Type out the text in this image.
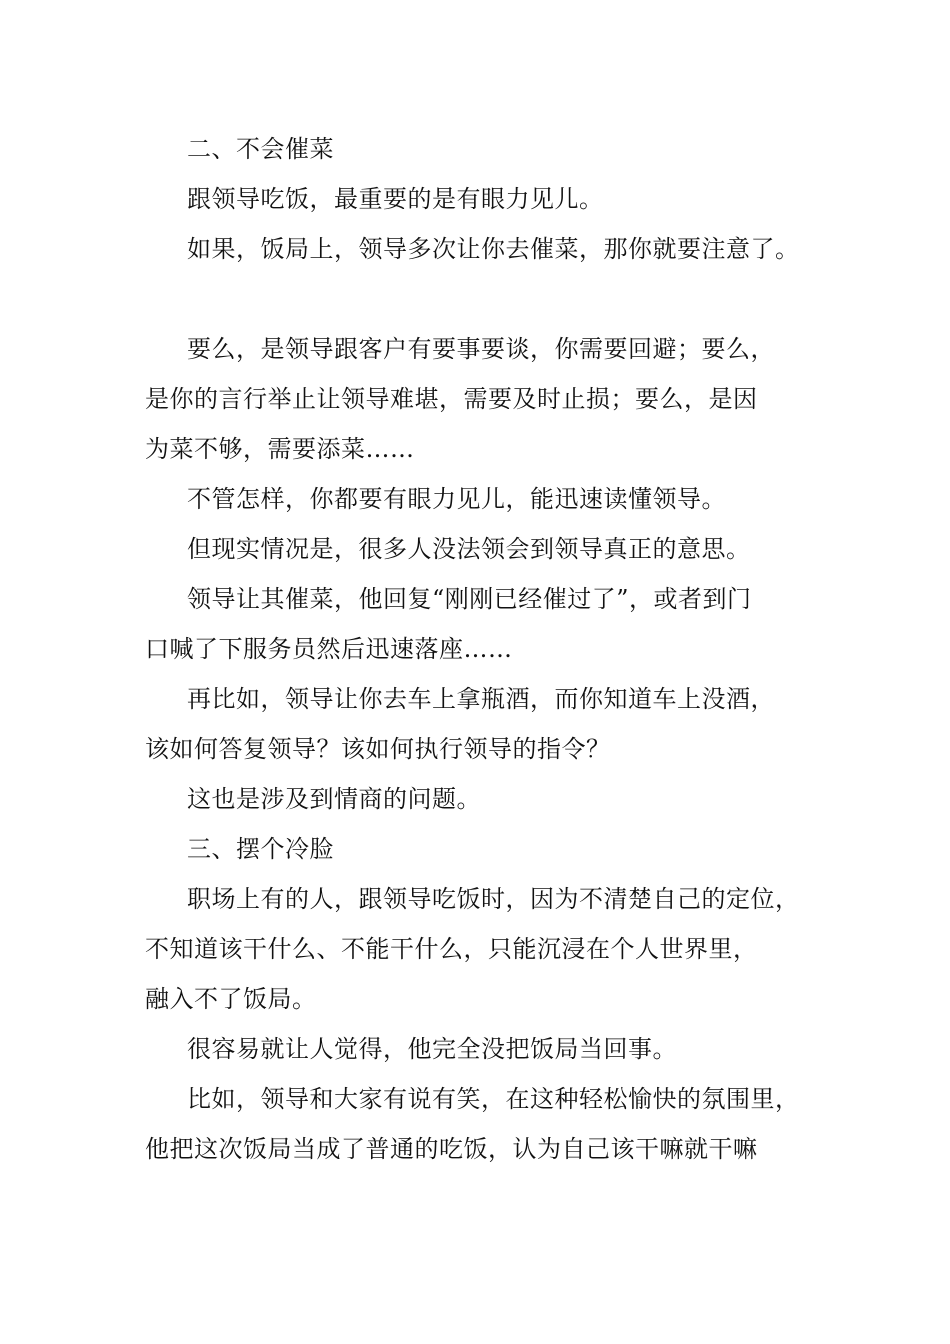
二、不会催菜
跟领导吃饭，最重要的是有眼力见儿。
如果，饭局上，领导多次让你去催菜，那你就要注意了。
要么，是领导跟客户有要事要谈，你需要回避；要么，
是你的言行举止让领导难堪，需要及时止损；要么，是因
为菜不够，需要添菜……
不管怎样，你都要有眼力见儿，能迅速读懂领导。
但现实情况是，很多人没法领会到领导真正的意思。
领导让其催菜，他回复“刚刚已经催过了”，或者到门
口喊了下服务员然后迅速落座……
再比如，领导让你去车上拿瓶酒，而你知道车上没酒，
该如何答复领导？该如何执行领导的指令？
这也是涉及到情商的问题。
三、摆个冷脸
职场上有的人，跟领导吃饭时，因为不清楚自己的定位，
不知道该干什么、不能干什么，只能沉浸在个人世界里，
融入不了饭局。
很容易就让人觉得，他完全没把饭局当回事。
比如，领导和大家有说有笑，在这种轻松愉快的氛围里，
他把这次饭局当成了普通的吃饭，认为自己该干嘛就干嘛
